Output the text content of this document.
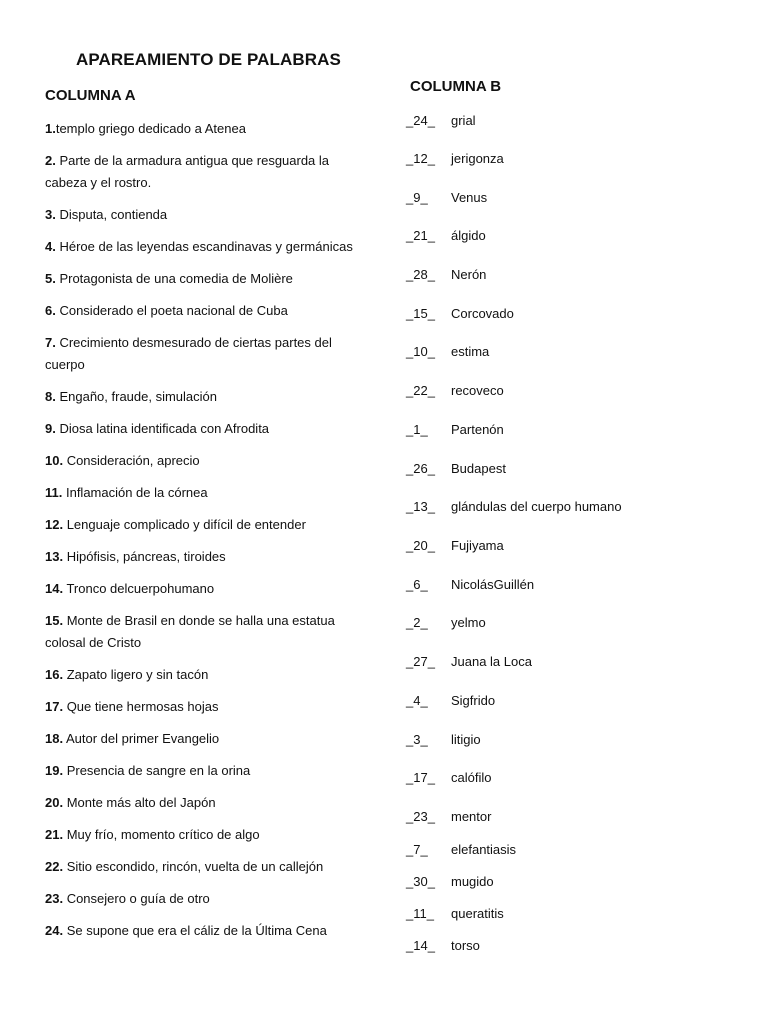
APAREAMIENTO DE PALABRAS
COLUMNA A
1.templo griego dedicado a Atenea
2. Parte de la armadura antigua que resguarda la cabeza y el rostro.
3. Disputa, contienda
4. Héroe de las leyendas escandinavas y germánicas
5. Protagonista de una comedia de Molière
6. Considerado el poeta nacional de Cuba
7. Crecimiento desmesurado de ciertas partes del cuerpo
8. Engaño, fraude, simulación
9. Diosa latina identificada con Afrodita
10. Consideración, aprecio
11. Inflamación de la córnea
12. Lenguaje complicado y difícil de entender
13. Hipófisis, páncreas, tiroides
14. Tronco delcuerpohumano
15. Monte de Brasil en donde se halla una estatua colosal de Cristo
16. Zapato ligero y sin tacón
17. Que tiene hermosas hojas
18. Autor del primer Evangelio
19. Presencia de sangre en la orina
20. Monte más alto del Japón
21. Muy frío, momento crítico de algo
22. Sitio escondido, rincón, vuelta de un callejón
23. Consejero o guía de otro
24. Se supone que era el cáliz de la Última Cena
COLUMNA B
_24_ grial
_12_ jerigonza
_9_ Venus
_21_ álgido
_28_ Nerón
_15_ Corcovado
_10_ estima
_22_ recoveco
_1_ Partenón
_26_ Budapest
_13_ glándulas del cuerpo humano
_20_ Fujiyama
_6_ NicolásGuillén
_2_ yelmo
_27_ Juana la Loca
_4_ Sigfrido
_3_ litigio
_17_ calófilo
_23_ mentor
_7_ elefantiasis
_30_ mugido
_11_ queratitis
_14_ torso
